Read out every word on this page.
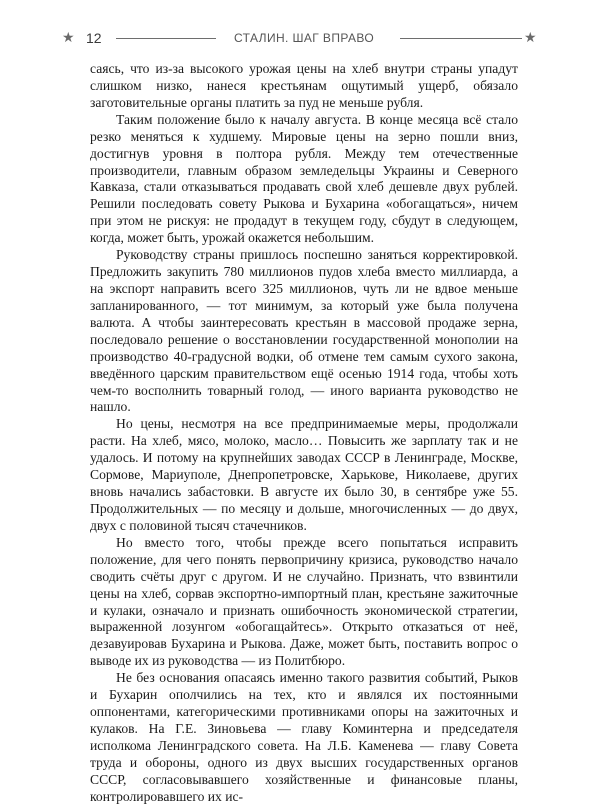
★ 12	СТАЛИН. ШАГ ВПРАВО	★

саясь, что из-за высокого урожая цены на хлеб внутри страны упадут слишком низко, нанеся крестьянам ощутимый ущерб, обязало заготовительные органы платить за пуд не меньше рубля.

Таким положение было к началу августа. В конце месяца всё стало резко меняться к худшему. Мировые цены на зерно пошли вниз, достигнув уровня в полтора рубля. Между тем отечественные производители, главным образом земледельцы Украины и Северного Кавказа, стали отказываться продавать свой хлеб дешевле двух рублей. Решили последовать совету Рыкова и Бухарина «обогащаться», ничем при этом не рискуя: не продадут в текущем году, сбудут в следующем, когда, может быть, урожай окажется небольшим.

Руководству страны пришлось поспешно заняться корректировкой. Предложить закупить 780 миллионов пудов хлеба вместо миллиарда, а на экспорт направить всего 325 миллионов, чуть ли не вдвое меньше запланированного, — тот минимум, за который уже была получена валюта. А чтобы заинтересовать крестьян в массовой продаже зерна, последовало решение о восстановлении государственной монополии на производство 40-градусной водки, об отмене тем самым сухого закона, введённого царским правительством ещё осенью 1914 года, чтобы хоть чем-то восполнить товарный голод, — иного варианта руководство не нашло.

Но цены, несмотря на все предпринимаемые меры, продолжали расти. На хлеб, мясо, молоко, масло… Повысить же зарплату так и не удалось. И потому на крупнейших заводах СССР в Ленинграде, Москве, Сормове, Мариуполе, Днепропетровске, Харькове, Николаеве, других вновь начались забастовки. В августе их было 30, в сентябре уже 55. Продолжительных — по месяцу и дольше, многочисленных — до двух, двух с половиной тысяч стачечников.

Но вместо того, чтобы прежде всего попытаться исправить положение, для чего понять первопричину кризиса, руководство начало сводить счёты друг с другом. И не случайно. Признать, что взвинтили цены на хлеб, сорвав экспортно-импортный план, крестьяне зажиточные и кулаки, означало и признать ошибочность экономической стратегии, выраженной лозунгом «обогащайтесь». Открыто отказаться от неё, дезавуировав Бухарина и Рыкова. Даже, может быть, поставить вопрос о выводе их из руководства — из Политбюро.

Не без основания опасаясь именно такого развития событий, Рыков и Бухарин ополчились на тех, кто и являлся их постоянными оппонентами, категорическими противниками опоры на зажиточных и кулаков. На Г.Е. Зиновьева — главу Коминтерна и председателя исполкома Ленинградского совета. На Л.Б. Каменева — главу Совета труда и обороны, одного из двух высших государственных органов СССР, согласовывавшего хозяйственные и финансовые планы, контролировавшего их ис-
